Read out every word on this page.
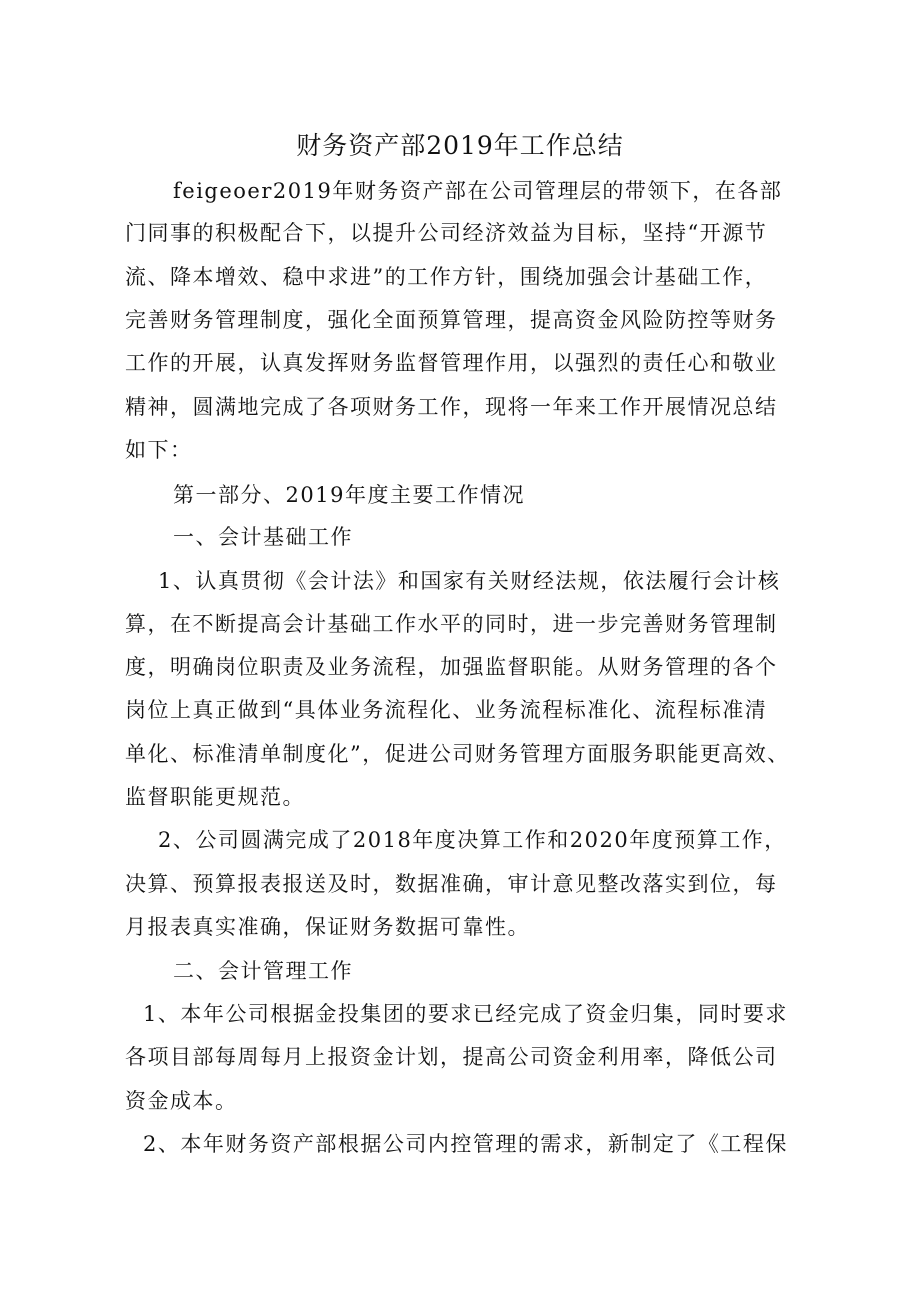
财务资产部2019年工作总结
feigeoer2019年财务资产部在公司管理层的带领下，在各部
门同事的积极配合下，以提升公司经济效益为目标，坚持“开源节
流、降本增效、稳中求进”的工作方针，围绕加强会计基础工作，
完善财务管理制度，强化全面预算管理，提高资金风险防控等财务
工作的开展，认真发挥财务监督管理作用，以强烈的责任心和敬业
精神，圆满地完成了各项财务工作，现将一年来工作开展情况总结
如下：
第一部分、2019年度主要工作情况
一、会计基础工作
1、认真贯彻《会计法》和国家有关财经法规，依法履行会计核
算，在不断提高会计基础工作水平的同时，进一步完善财务管理制
度，明确岗位职责及业务流程，加强监督职能。从财务管理的各个
岗位上真正做到“具体业务流程化、业务流程标准化、流程标准清
单化、标准清单制度化”，促进公司财务管理方面服务职能更高效、
监督职能更规范。
2、公司圆满完成了2018年度决算工作和2020年度预算工作，
决算、预算报表报送及时，数据准确，审计意见整改落实到位，每
月报表真实准确，保证财务数据可靠性。
二、会计管理工作
1、本年公司根据金投集团的要求已经完成了资金归集，同时要求
各项目部每周每月上报资金计划，提高公司资金利用率，降低公司
资金成本。
2、本年财务资产部根据公司内控管理的需求，新制定了《工程保
